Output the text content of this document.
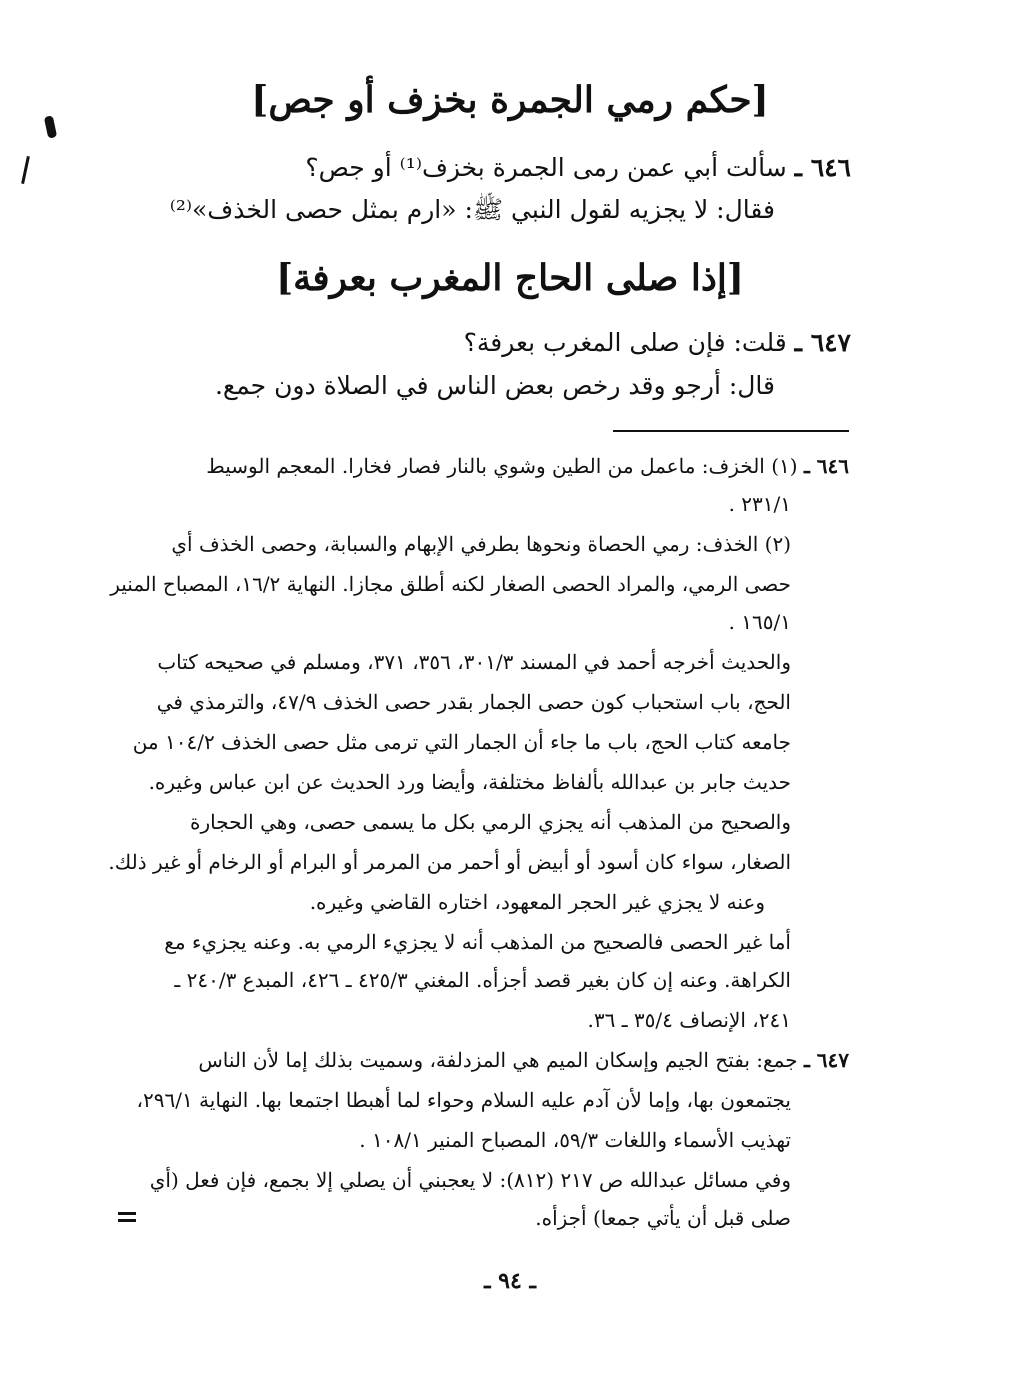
[حكم رمي الجمرة بخزف أو جص]
٦٤٦ ـ سألت أبي عمن رمى الجمرة بخزف⁽¹⁾ أو جص؟
فقال: لا يجزيه لقول النبي ﷺ: «ارم بمثل حصى الخذف»⁽²⁾
[إذا صلى الحاج المغرب بعرفة]
٦٤٧ ـ قلت: فإن صلى المغرب بعرفة؟
قال: أرجو وقد رخص بعض الناس في الصلاة دون جمع.
٦٤٦ ـ (١) الخزف: ماعمل من الطين وشوي بالنار فصار فخارا. المعجم الوسيط
٢٣١/١ .
(٢) الخذف: رمي الحصاة ونحوها بطرفي الإبهام والسبابة، وحصى الخذف أي
حصى الرمي، والمراد الحصى الصغار لكنه أطلق مجازا. النهاية ١٦/٢، المصباح المنير
١٦٥/١ .
والحديث أخرجه أحمد في المسند ٣٠١/٣، ٣٥٦، ٣٧١، ومسلم في صحيحه كتاب
الحج، باب استحباب كون حصى الجمار بقدر حصى الخذف ٤٧/٩، والترمذي في
جامعه كتاب الحج، باب ما جاء أن الجمار التي ترمى مثل حصى الخذف ١٠٤/٢ من
حديث جابر بن عبدالله بألفاظ مختلفة، وأيضا ورد الحديث عن ابن عباس وغيره.
والصحيح من المذهب أنه يجزي الرمي بكل ما يسمى حصى، وهي الحجارة
الصغار، سواء كان أسود أو أبيض أو أحمر من المرمر أو البرام أو الرخام أو غير ذلك.
وعنه لا يجزي غير الحجر المعهود، اختاره القاضي وغيره.
أما غير الحصى فالصحيح من المذهب أنه لا يجزيء الرمي به. وعنه يجزيء مع
الكراهة. وعنه إن كان بغير قصد أجزأه. المغني ٤٢٥/٣ ـ ٤٢٦، المبدع ٢٤٠/٣ ـ
٢٤١، الإنصاف ٣٥/٤ ـ ٣٦.
٦٤٧ ـ جمع: بفتح الجيم وإسكان الميم هي المزدلفة، وسميت بذلك إما لأن الناس
يجتمعون بها، وإما لأن آدم عليه السلام وحواء لما أهبطا اجتمعا بها. النهاية ٢٩٦/١،
تهذيب الأسماء واللغات ٥٩/٣، المصباح المنير ١٠٨/١ .
وفي مسائل عبدالله ص ٢١٧ (٨١٢): لا يعجبني أن يصلي إلا بجمع، فإن فعل (أي
صلى قبل أن يأتي جمعا) أجزأه.
ـ ٩٤ ـ
